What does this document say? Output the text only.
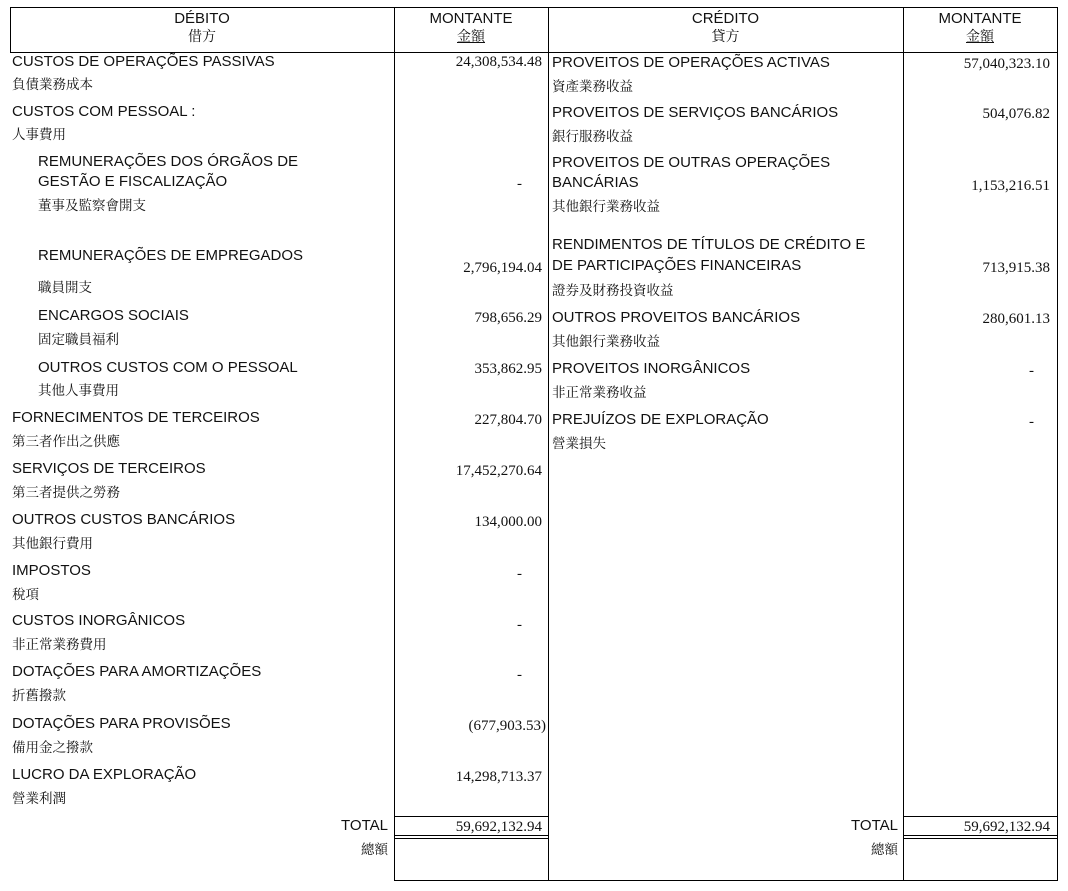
DÉBITO
借方
MONTANTE
金額
CRÉDITO
貸方
MONTANTE
金額
CUSTOS DE OPERAÇÕES PASSIVAS
負債業務成本
24,308,534.48
CUSTOS COM PESSOAL :
人事費用
REMUNERAÇÕES DOS ÓRGÃOS DE
GESTÃO E FISCALIZAÇÃO
董事及監察會開支
-
REMUNERAÇÕES DE EMPREGADOS
職員開支
2,796,194.04
ENCARGOS SOCIAIS
固定職員福利
798,656.29
OUTROS CUSTOS COM O PESSOAL
其他人事費用
353,862.95
FORNECIMENTOS DE TERCEIROS
第三者作出之供應
227,804.70
SERVIÇOS DE TERCEIROS
第三者提供之勞務
17,452,270.64
OUTROS CUSTOS BANCÁRIOS
其他銀行費用
134,000.00
IMPOSTOS
稅項
-
CUSTOS INORGÂNICOS
非正常業務費用
-
DOTAÇÕES PARA AMORTIZAÇÕES
折舊撥款
-
DOTAÇÕES PARA PROVISÕES
備用金之撥款
(677,903.53)
LUCRO DA EXPLORAÇÃO
營業利潤
14,298,713.37
PROVEITOS DE OPERAÇÕES ACTIVAS
資產業務收益
57,040,323.10
PROVEITOS DE SERVIÇOS BANCÁRIOS
銀行服務收益
504,076.82
PROVEITOS DE OUTRAS OPERAÇÕES
BANCÁRIAS
其他銀行業務收益
1,153,216.51
RENDIMENTOS DE TÍTULOS DE CRÉDITO E
DE PARTICIPAÇÕES FINANCEIRAS
證券及財務投資收益
713,915.38
OUTROS PROVEITOS BANCÁRIOS
其他銀行業務收益
280,601.13
PROVEITOS INORGÂNICOS
非正常業務收益
-
PREJUÍZOS DE EXPLORAÇÃO
營業損失
-
TOTAL
總額
59,692,132.94	TOTAL
總額
59,692,132.94
